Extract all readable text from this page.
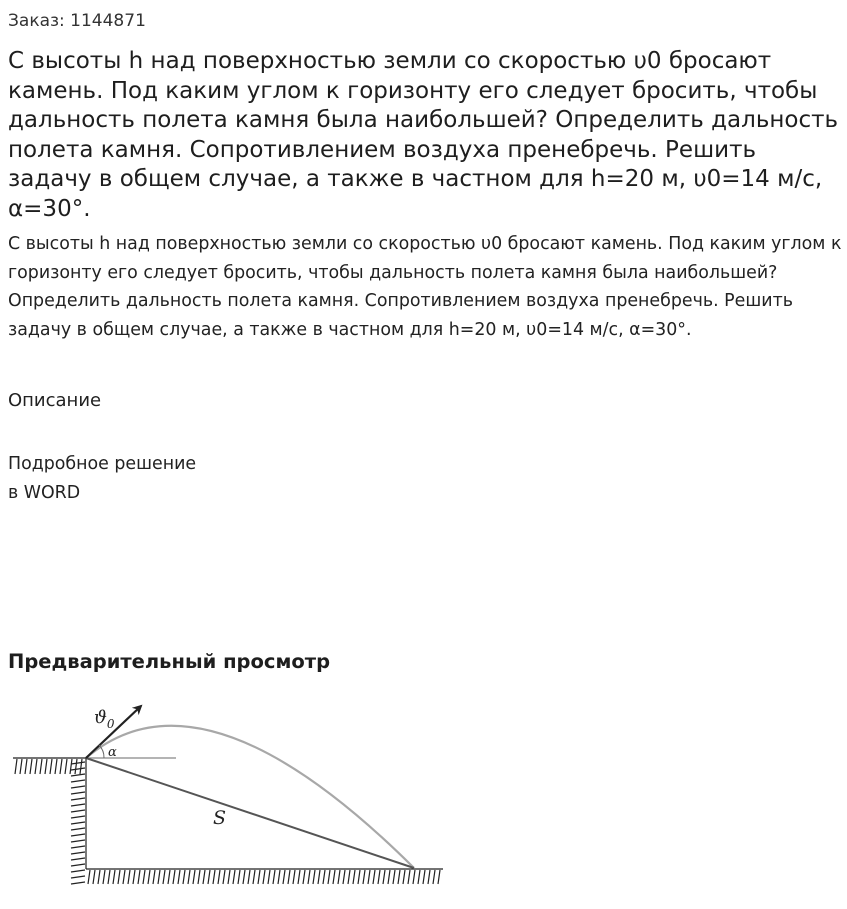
Заказ: 1144871
С высоты h над поверхностью земли со скоростью υ0 бросают камень. Под каким углом к горизонту его следует бросить, чтобы дальность полета камня была наибольшей? Определить дальность полета камня. Сопротивлением воздуха пренебречь. Решить задачу в общем случае, а также в частном для h=20 м, υ0=14 м/с, α=30°.

С высоты h над поверхностью земли со скоростью υ0 бросают камень. Под каким углом к горизонту его следует бросить, чтобы дальность полета камня была наибольшей? Определить дальность полета камня. Сопротивлением воздуха пренебречь. Решить задачу в общем случае, а также в частном для h=20 м, υ0=14 м/с, α=30°.

Описание
Подробное решение
в WORD
Предварительный просмотр
$ϑ_0$
α
S
